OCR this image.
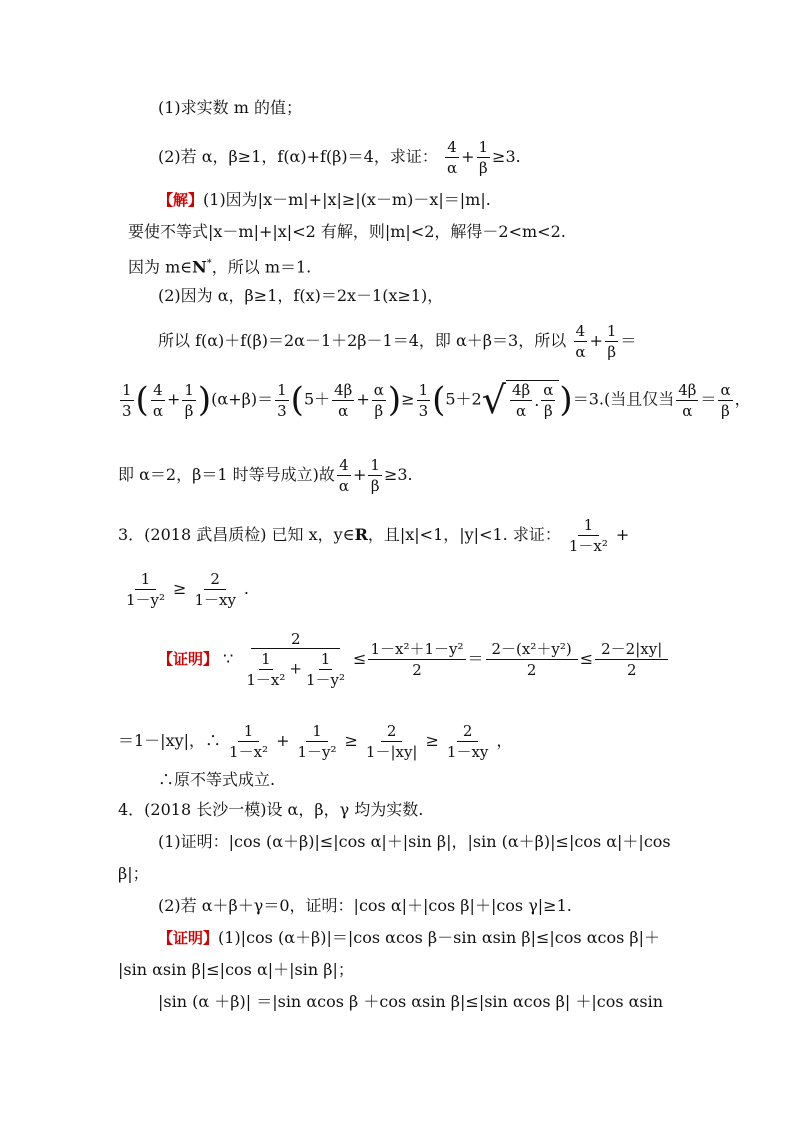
(1)求实数 m 的值；
(2)若 α，β≥1，f(α)+f(β)＝4，求证： $\frac{4}{\alpha} + \frac{1}{\beta} \ge 3$.
【解】(1)因为|x－m|+|x|≥|(x－m)－x|＝|m|.
要使不等式|x－m|+|x|<2 有解，则|m|<2，解得－2<m<2.
因为 m∈N*，所以 m＝1.
(2)因为 α，β≥1，f(x)＝2x－1(x≥1)，
所以 f(α)＋f(β)＝2α－1＋2β－1＝4，即 α＋β＝3，所以 $\frac{4}{\alpha} + \frac{1}{\beta}$ ＝
$\frac{1}{3}$ ( $\frac{4}{\alpha} + \frac{1}{\beta} )(\alpha+\beta)= \frac{1}{3} (5+ \frac{4\beta}{\alpha} + \frac{\alpha}{\beta}$ )≥ $\frac{1}{3} (5+2$ √ $\frac{4\beta}{\alpha}$ . $\frac{\alpha}{\beta} )=3$.(当且仅当 $\frac{4\beta}{\alpha} = \frac{\alpha}{\beta}$ ，
即 α＝2，β＝1 时等号成立)故 $\frac{4}{\alpha} + \frac{1}{\beta} \ge 3$.
3．(2018 武昌质检) 已知 x，y∈R，且|x|<1，|y|<1. 求证： $\frac{1}{\text{1－x²}}$ +
$\frac{1}{\text{1－y²}} \ge \frac{2}{1-xy}$ .
【证明】 ∵ $\frac{2}{\frac{1}{\text{1－x²}} + \frac{1}{\text{1－y²}}} \le \frac{\text{1－x²＋1－y²}}{2} = \frac{\text{2－(x²＋y²)}}{2} \le \frac{2-2|xy|}{2}$
＝1－|xy|，∴ $\frac{1}{\text{1－x²}} + \frac{1}{\text{1－y²}} \ge \frac{2}{1-|xy|} \ge \frac{2}{1-xy}$ ，
∴原不等式成立.
4．(2018 长沙一模)设 α，β，γ 均为实数.
(1)证明：|cos (α＋β)|≤|cos α|＋|sin β|，|sin (α＋β)|≤|cos α|＋|cos
β|；
(2)若 α＋β＋γ＝0，证明：|cos α|＋|cos β|＋|cos γ|≥1.
【证明】(1)|cos (α＋β)|＝|cos αcos β－sin αsin β|≤|cos αcos β|＋
|sin αsin β|≤|cos α|＋|sin β|；
|sin (α ＋β)| ＝|sin αcos β ＋cos αsin β|≤|sin αcos β| ＋|cos αsin
